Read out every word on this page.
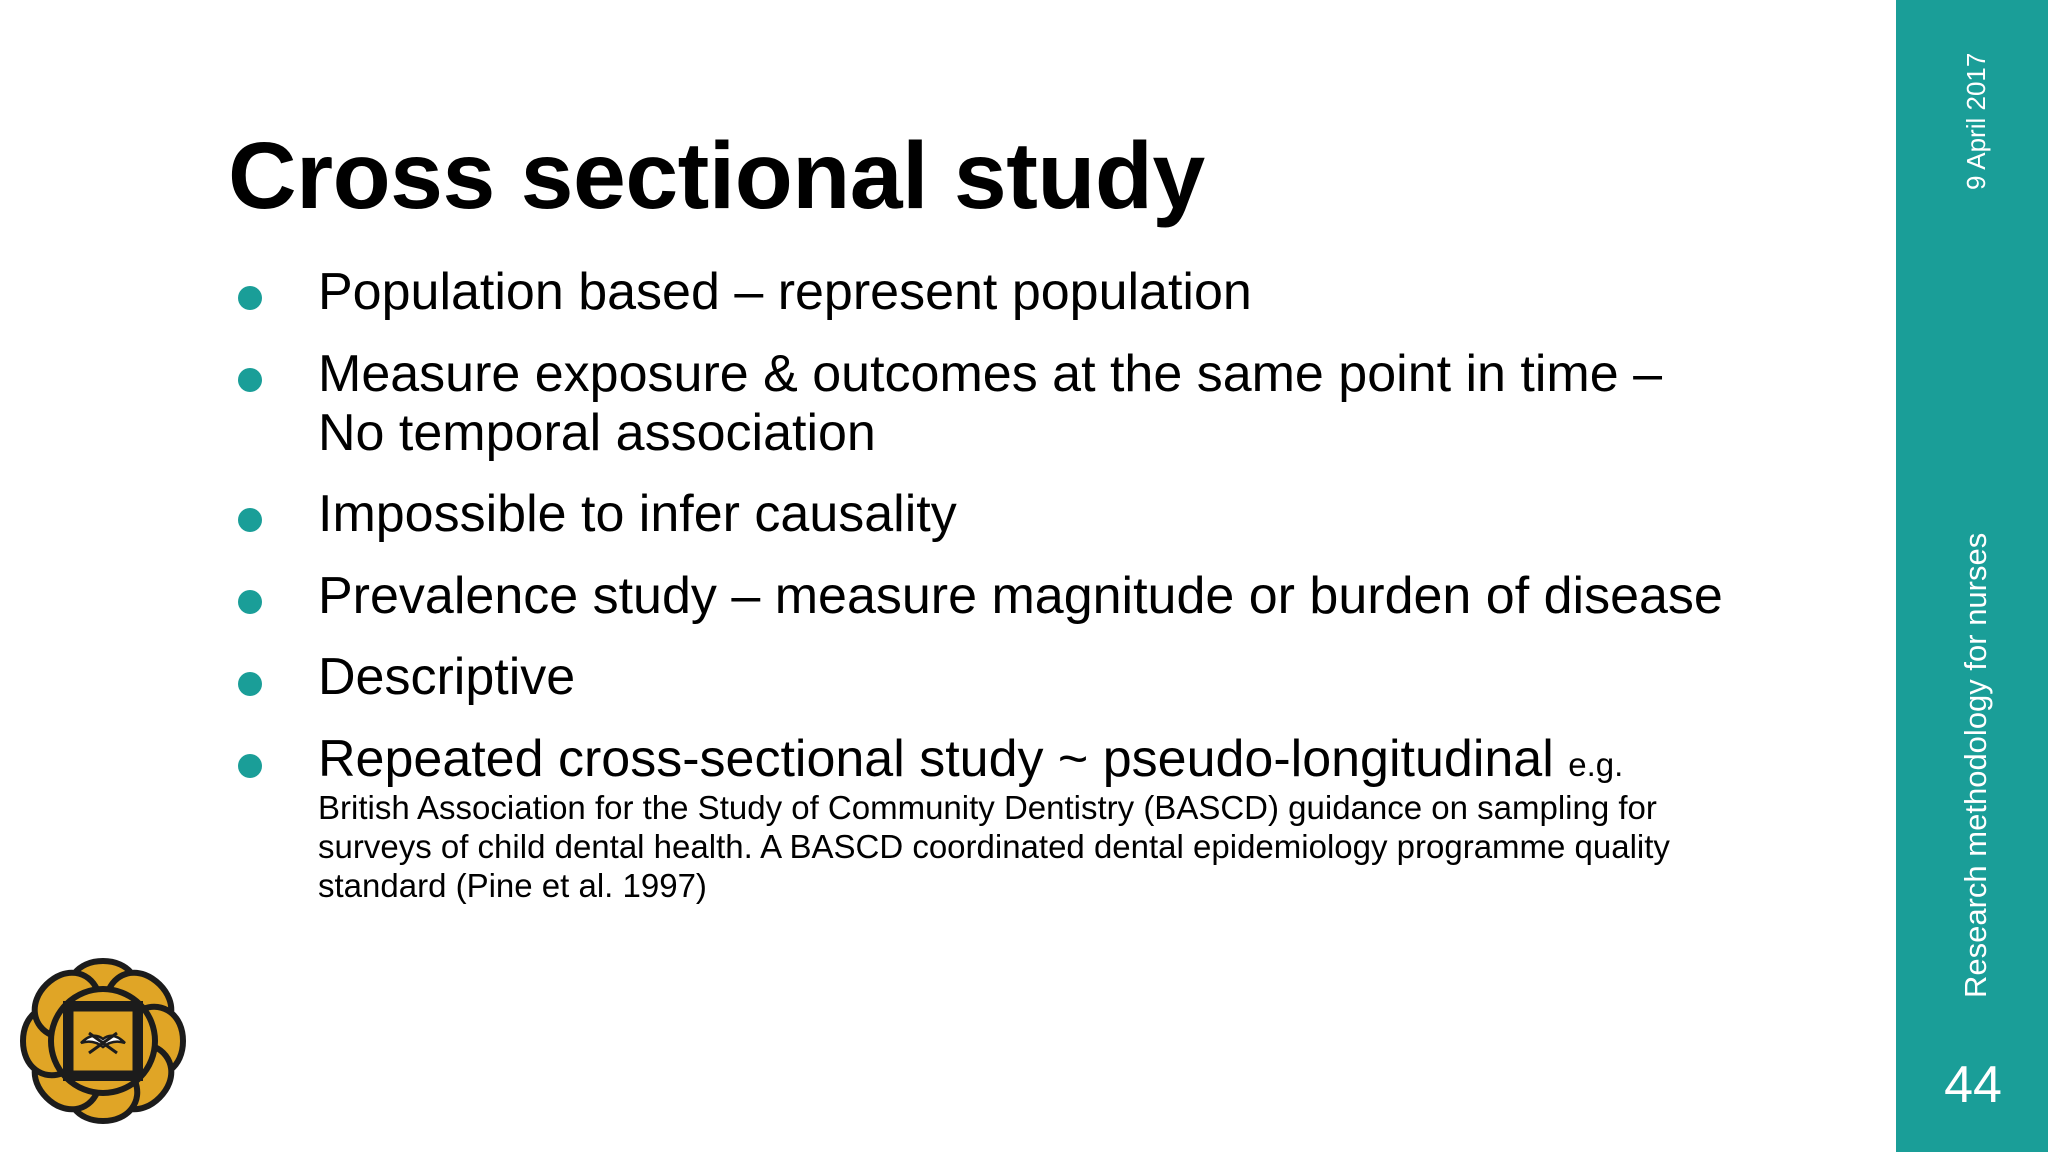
Cross sectional study
Population based – represent population
Measure exposure & outcomes at the same point in time –
No temporal association
Impossible to infer causality
Prevalence study – measure magnitude or burden of disease
Descriptive
Repeated cross-sectional study ~ pseudo-longitudinal e.g.
British Association for the Study of Community Dentistry (BASCD) guidance on sampling for
surveys of child dental health. A BASCD coordinated dental epidemiology programme quality
standard (Pine et al. 1997)
9 April 2017
Research methodology for nurses
44
